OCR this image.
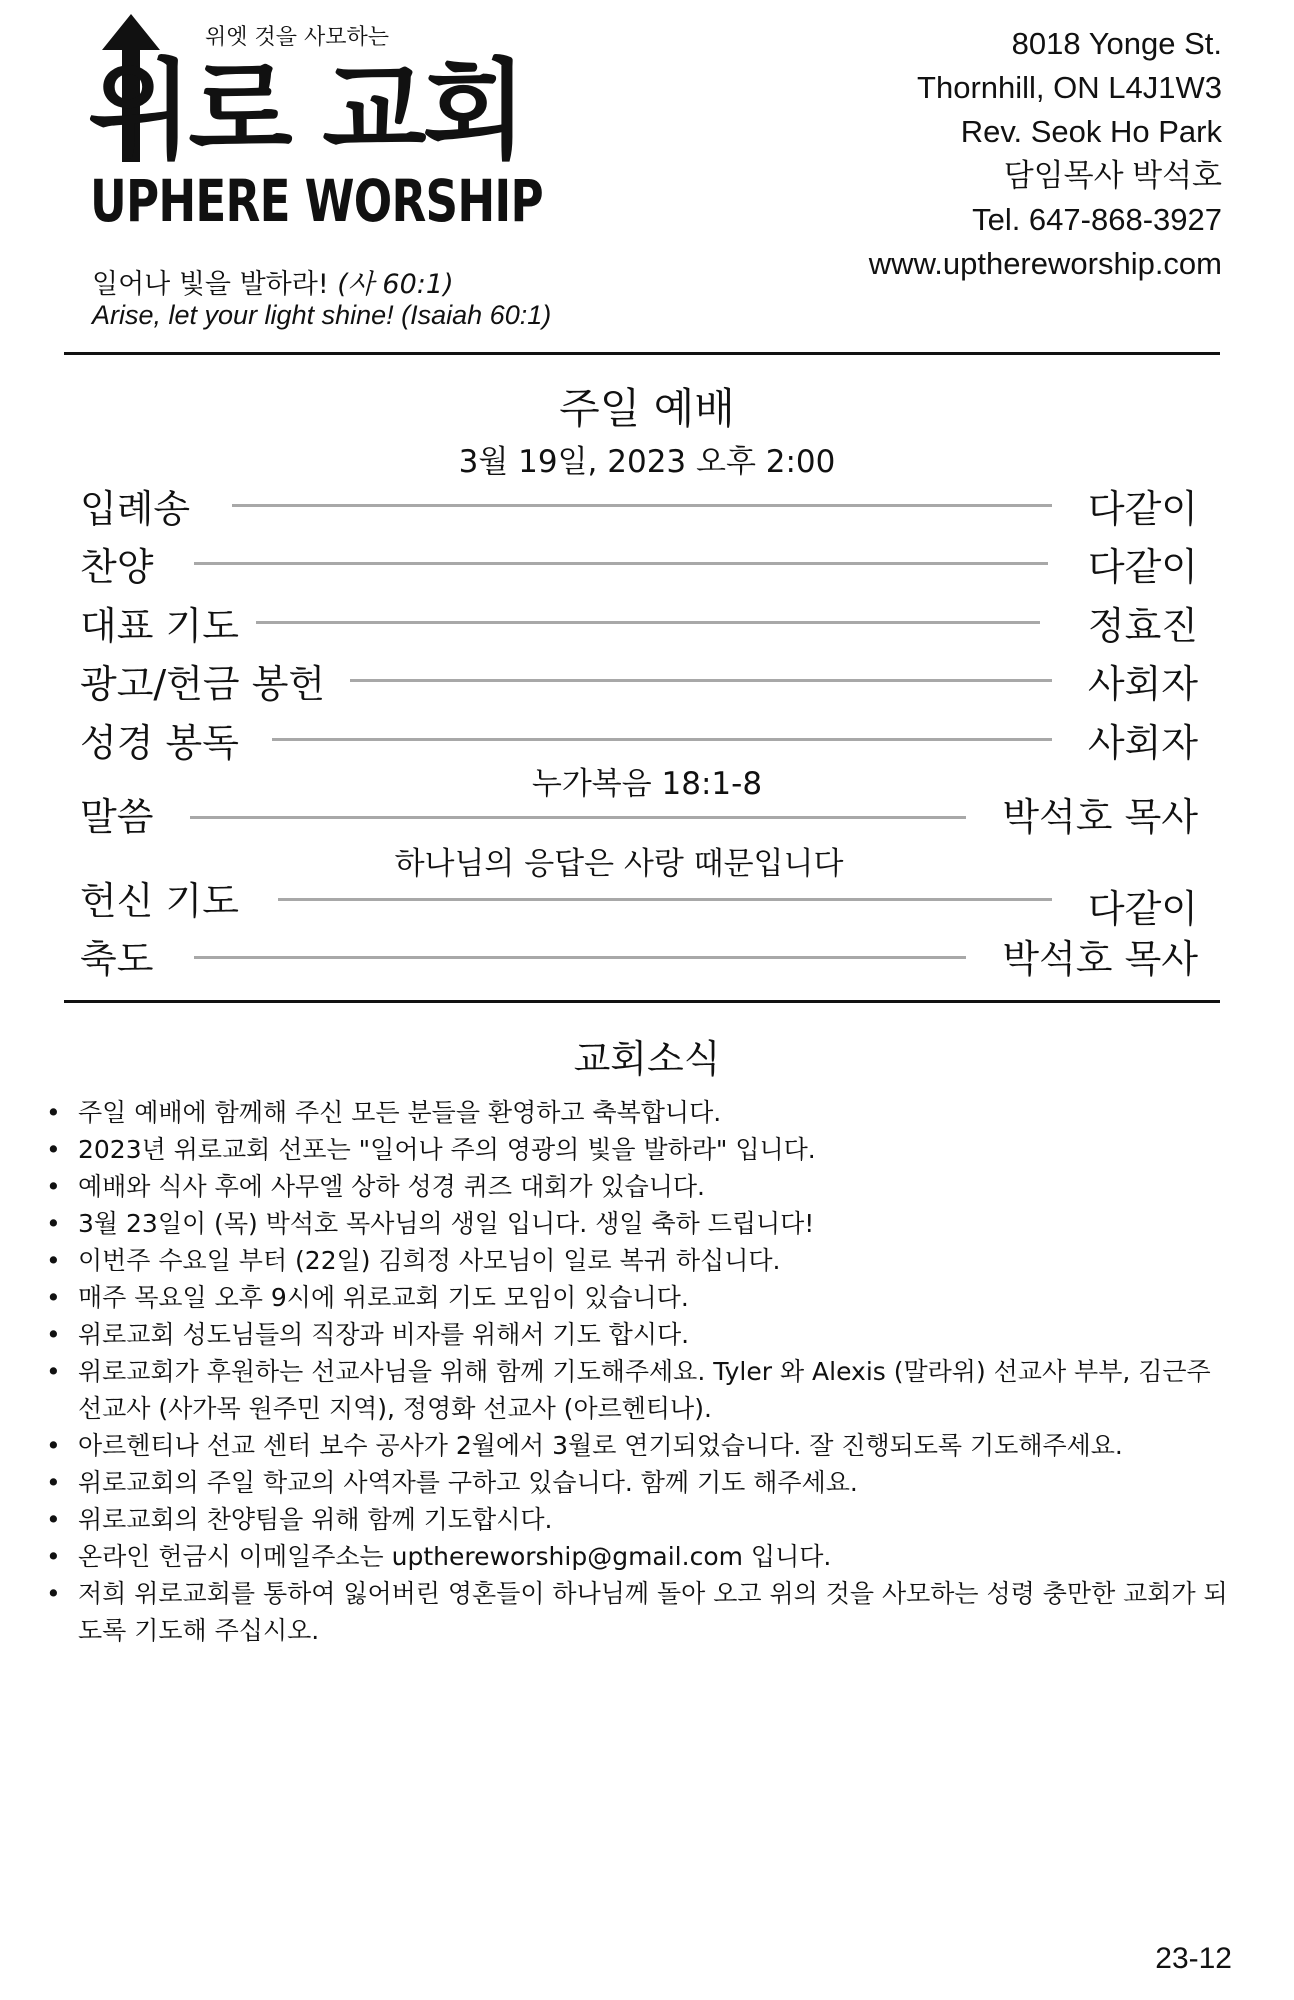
위엣 것을 사모하는
위로 교회
UPHERE WORSHIP
일어나 빛을 발하라! (사 60:1)
Arise, let your light shine! (Isaiah 60:1)
8018 Yonge St.
Thornhill, ON L4J1W3
Rev. Seok Ho Park
담임목사 박석호
Tel. 647-868-3927
www.upthereworship.com
주일 예배
3월 19일, 2023 오후 2:00
입례송	다같이
찬양	다같이
대표 기도	정효진
광고/헌금 봉헌	사회자
성경 봉독	사회자
누가복음 18:1-8
말씀	박석호 목사
하나님의 응답은 사랑 때문입니다
헌신 기도	다같이
축도	박석호 목사
교회소식
• 주일 예배에 함께해 주신 모든 분들을 환영하고 축복합니다.
• 2023년 위로교회 선포는 "일어나 주의 영광의 빛을 발하라" 입니다.
• 예배와 식사 후에 사무엘 상하 성경 퀴즈 대회가 있습니다.
• 3월 23일이 (목) 박석호 목사님의 생일 입니다. 생일 축하 드립니다!
• 이번주 수요일 부터 (22일) 김희정 사모님이 일로 복귀 하십니다.
• 매주 목요일 오후 9시에 위로교회 기도 모임이 있습니다.
• 위로교회 성도님들의 직장과 비자를 위해서 기도 합시다.
• 위로교회가 후원하는 선교사님을 위해 함께 기도해주세요. Tyler 와 Alexis (말라위) 선교사 부부, 김근주 선교사 (사가목 원주민 지역), 정영화 선교사 (아르헨티나).
• 아르헨티나 선교 센터 보수 공사가 2월에서 3월로 연기되었습니다. 잘 진행되도록 기도해주세요.
• 위로교회의 주일 학교의 사역자를 구하고 있습니다. 함께 기도 해주세요.
• 위로교회의 찬양팀을 위해 함께 기도합시다.
• 온라인 헌금시 이메일주소는 upthereworship@gmail.com 입니다.
• 저희 위로교회를 통하여 잃어버린 영혼들이 하나님께 돌아 오고 위의 것을 사모하는 성령 충만한 교회가 되도록 기도해 주십시오.
23-12
